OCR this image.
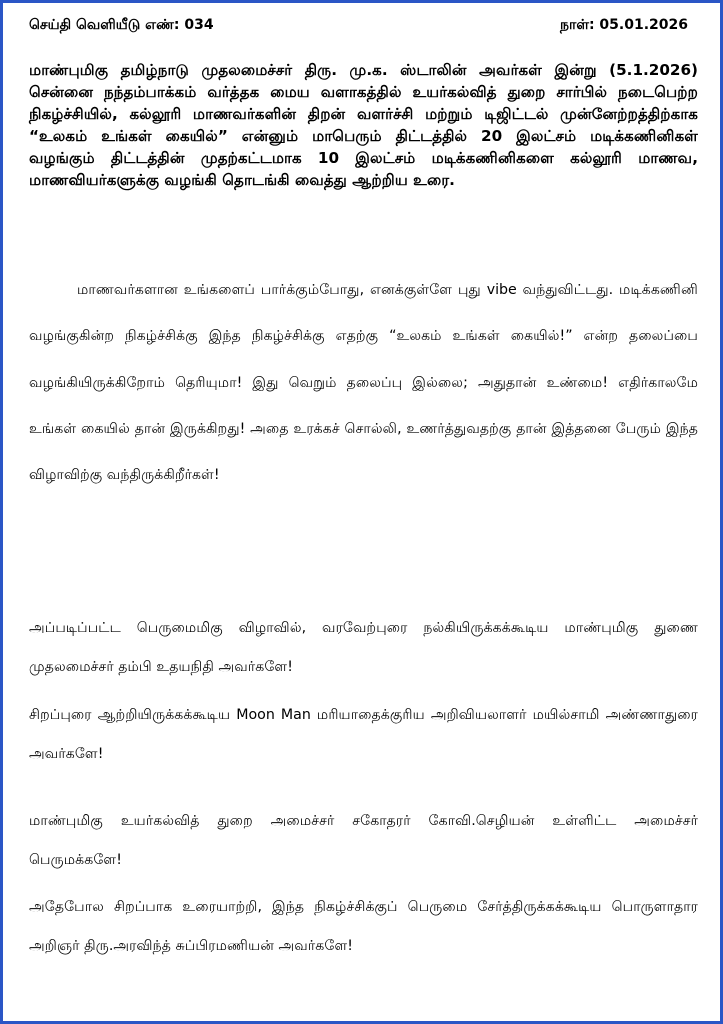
செய்தி வெளியீடு எண்: 034	நாள்: 05.01.2026
மாண்புமிகு தமிழ்நாடு முதலமைச்சர் திரு. மு.க. ஸ்டாலின் அவர்கள் இன்று (5.1.2026) சென்னை நந்தம்பாக்கம் வர்த்தக மைய வளாகத்தில் உயர்கல்வித் துறை சார்பில் நடைபெற்ற நிகழ்ச்சியில், கல்லூரி மாணவர்களின் திறன் வளர்ச்சி மற்றும் டிஜிட்டல் முன்னேற்றத்திற்காக “உலகம் உங்கள் கையில்” என்னும் மாபெரும் திட்டத்தில் 20 இலட்சம் மடிக்கணினிகள் வழங்கும் திட்டத்தின் முதற்கட்டமாக 10 இலட்சம் மடிக்கணினிகளை கல்லூரி மாணவ, மாணவியர்களுக்கு வழங்கி தொடங்கி வைத்து ஆற்றிய உரை.
மாணவர்களான உங்களைப் பார்க்கும்போது, எனக்குள்ளே புது vibe வந்துவிட்டது. மடிக்கணினி வழங்குகின்ற நிகழ்ச்சிக்கு இந்த நிகழ்ச்சிக்கு எதற்கு “உலகம் உங்கள் கையில்!” என்ற தலைப்பை வழங்கியிருக்கிறோம் தெரியுமா! இது வெறும் தலைப்பு இல்லை; அதுதான் உண்மை! எதிர்காலமே உங்கள் கையில் தான் இருக்கிறது! அதை உரக்கச் சொல்லி, உணர்த்துவதற்கு தான் இத்தனை பேரும் இந்த விழாவிற்கு வந்திருக்கிறீர்கள்!
அப்படிப்பட்ட பெருமைமிகு விழாவில், வரவேற்புரை நல்கியிருக்கக்கூடிய மாண்புமிகு துணை முதலமைச்சர் தம்பி உதயநிதி அவர்களே!
சிறப்புரை ஆற்றியிருக்கக்கூடிய Moon Man மரியாதைக்குரிய அறிவியலாளர் மயில்சாமி அண்ணாதுரை அவர்களே!
மாண்புமிகு உயர்கல்வித் துறை அமைச்சர் சகோதரர் கோவி.செழியன் உள்ளிட்ட அமைச்சர் பெருமக்களே!
அதேபோல சிறப்பாக உரையாற்றி, இந்த நிகழ்ச்சிக்குப் பெருமை சேர்த்திருக்கக்கூடிய பொருளாதார அறிஞர் திரு.அரவிந்த் சுப்பிரமணியன் அவர்களே!
